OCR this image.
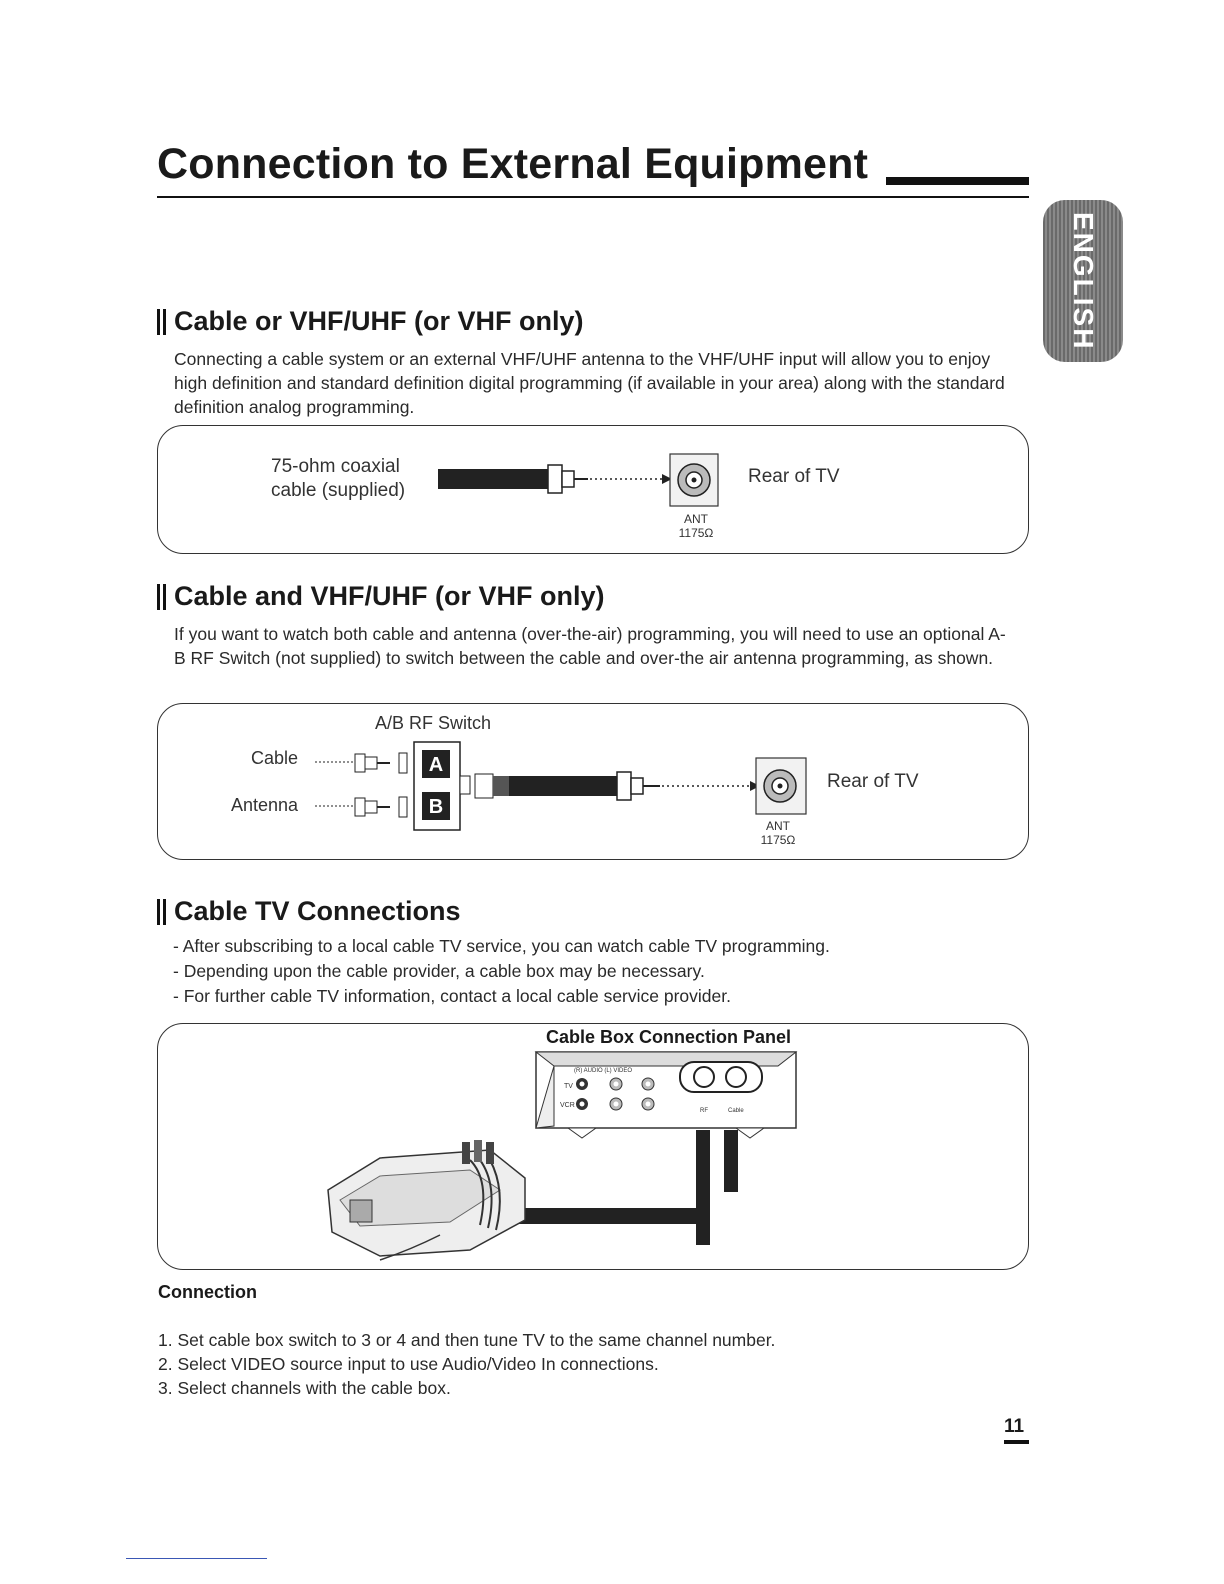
Connection to External Equipment
ENGLISH
Cable or VHF/UHF (or VHF only)
Connecting a cable system or an external VHF/UHF antenna to the VHF/UHF input will allow you to enjoy high definition and standard definition digital programming (if available in your area) along with the standard definition analog programming.
75-ohm coaxial
cable (supplied)
Rear of TV
ANT
1175Ω
Cable and VHF/UHF (or VHF only)
If you want to watch both cable and antenna (over-the-air) programming, you will need to use an optional A-B RF Switch (not supplied) to switch between the cable and over-the air antenna programming, as shown.
A/B RF Switch
Cable
Antenna
A
B
Rear of TV
ANT
1175Ω
Cable TV Connections
- After subscribing to a local cable TV service, you can watch cable TV programming.
- Depending upon the cable provider, a cable box may be necessary.
- For further cable TV information, contact a local cable service provider.
Cable Box Connection Panel
(R) AUDIO (L) VIDEO
TV
VCR
RF	Cable
Connection
1. Set cable box switch to 3 or 4 and then tune TV to the same channel number.
2. Select VIDEO source input to use Audio/Video In connections.
3. Select channels with the cable box.
11
